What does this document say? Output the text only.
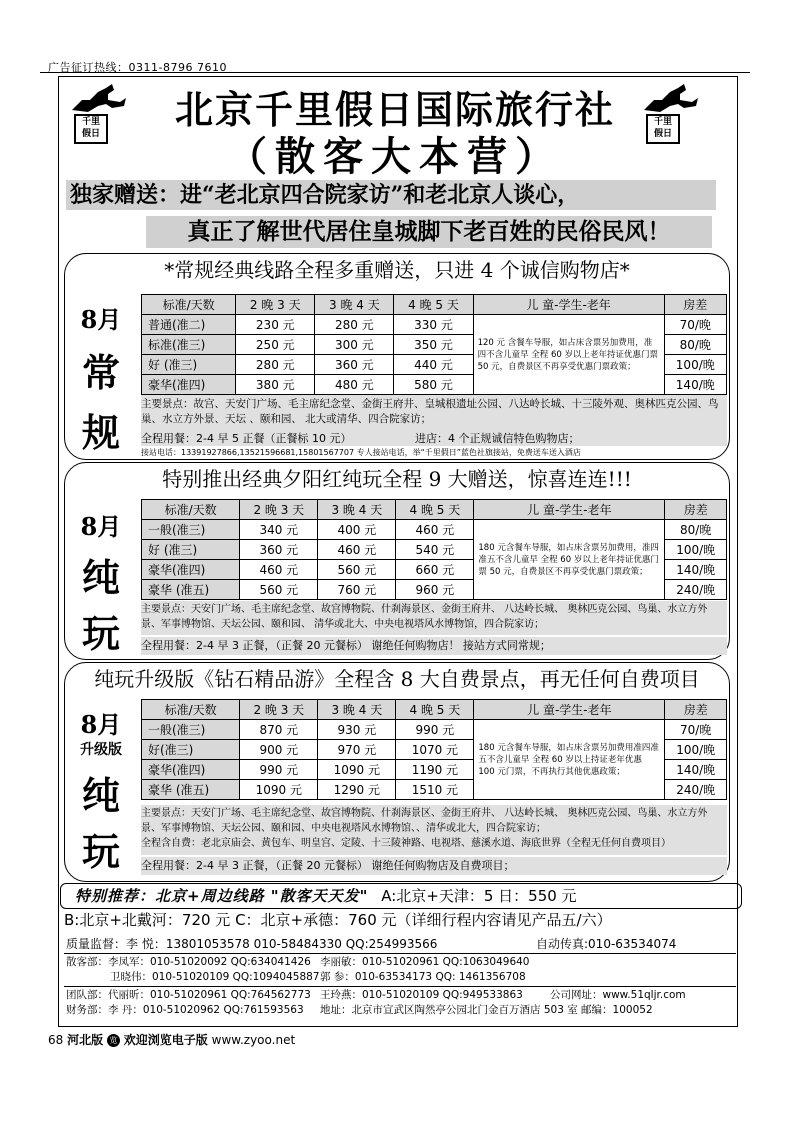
广告征订热线：0311-8796 7610
千里
假日
千里
假日
北京千里假日国际旅行社
（散客大本营）
独家赠送：进“老北京四合院家访”和老北京人谈心，
真正了解世代居住皇城脚下老百姓的民俗民风！
*常规经典线路全程多重赠送，只进 4 个诚信购物店*
8月
常
规
标准/天数	2 晚 3 天	3 晚 4 天	4 晚 5 天	儿 童-学生-老年	房差
普通(准二)	230 元	280 元	330 元	120 元 含餐车导服，如占床含票另加费用，准四不含儿童早 全程 60 岁以上老年持证优惠门票 50 元，自费景区不再享受优惠门票政策；	70/晚
标准(准三)	250 元	300 元	350 元		80/晚
好 (准三)	280 元	360 元	440 元		100/晚
豪华(准四)	380 元	480 元	580 元		140/晚
主要景点：故宫、天安门广场、毛主席纪念堂、金街王府井、皇城根遗址公园、八达岭长城、十三陵外观、奥林匹克公园、鸟巢、水立方外景、天坛 、颐和园、 北大或清华、四合院家访；
全程用餐：2-4 早 5 正餐（正餐标 10 元）	进店：4 个正规诚信特色购物店；
接站电话：13391927866,13521596681,15801567707 专人接站电话，举“千里假日”蓝色社旗接站，免费送车送入酒店
特别推出经典夕阳红纯玩全程 9 大赠送，惊喜连连!!!
8月
纯
玩
标准/天数	2 晚 3 天	3 晚 4 天	4 晚 5 天	儿 童-学生-老年	房差
一般(准三)	340 元	400 元	460 元	180 元含餐车导服，如占床含票另加费用，准四准五不含儿童早 全程 60 岁以上老年持证优惠门票 50 元，自费景区不再享受优惠门票政策；	80/晚
好 (准三)	360 元	460 元	540 元		100/晚
豪华(准四)	460 元	560 元	660 元		140/晚
豪华 (准五)	560 元	760 元	960 元		240/晚
主要景点：天安门广场、毛主席纪念堂、故宫博物院、什刹海景区、金街王府井、 八达岭长城、 奥林匹克公园、鸟巢、水立方外景、军事博物馆、天坛公园、颐和园、 清华或北大、中央电视塔风水博物馆，四合院家访；
全程用餐：2-4 早 3 正餐，（正餐 20 元餐标） 谢绝任何购物店！ 接站方式同常规；
纯玩升级版《钻石精品游》全程含 8 大自费景点，再无任何自费项目
8月
升级版
纯
玩
标准/天数	2 晚 3 天	3 晚 4 天	4 晚 5 天	儿 童-学生-老年	房差
一般(准三)	870 元	930 元	990 元	180 元含餐车导服，如占床含票另加费用准四准五不含儿童早 全程 60 岁以上持证老年优惠 100 元门票，不再执行其他优惠政策；	70/晚
好(准三)	900 元	970 元	1070 元		100/晚
豪华(准四)	990 元	1090 元	1190 元		140/晚
豪华 (准五)	1090 元	1290 元	1510 元		240/晚
主要景点：天安门广场、毛主席纪念堂、故宫博物院、什刹海景区、金街王府井、 八达岭长城、 奥林匹克公园、鸟巢、水立方外景、军事博物馆、天坛公园、颐和园、中央电视塔风水博物馆、、清华或北大，四合院家访；
全程含自费：老北京庙会、黄包车、明皇宫、定陵、十三陵神路、电视塔、慈溪水道、海底世界（全程无任何自费项目）
全程用餐：2-4 早 3 正餐，（正餐 20 元餐标） 谢绝任何购物店及自费项目；
特别推荐：北京+周边线路 "散客天天发" A:北京+天津：5 日：550 元
B:北京+北戴河：720 元 C：北京+承德：760 元（详细行程内容请见产品五/六）
质量监督：李 悦：13801053578 010-58484330 QQ:254993566	自动传真:010-63534074
散客部：李凤军：010-51020092 QQ:634041426 李丽敏：010-51020961 QQ:1063049640
卫晓伟：010-51020109 QQ:1094045887 郭 参：010-63534173 QQ: 1461356708
团队部：代丽昕：010-51020961 QQ:764562773 王玲燕：010-51020109 QQ:949533863	公司网址：www.51qljr.com
财务部：李 丹：010-51020962 QQ:761593563 地址：北京市宣武区陶然亭公园北门金百万酒店 503 室 邮编：100052
68 河北版 览 欢迎浏览电子版 www.zyoo.net
